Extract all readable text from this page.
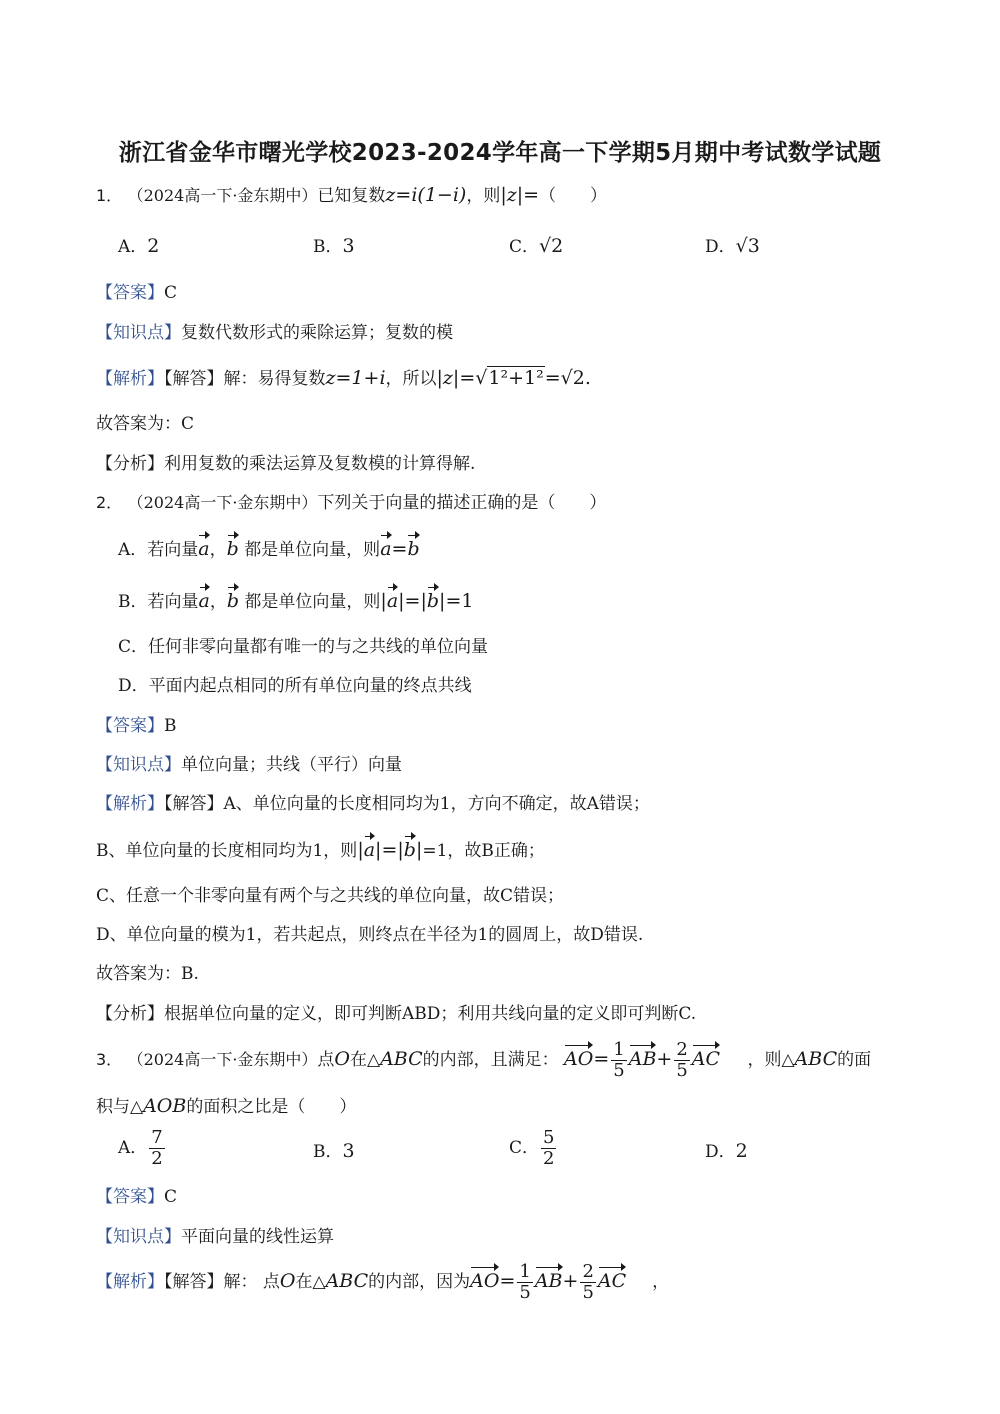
浙江省金华市曙光学校2023-2024学年高一下学期5月期中考试数学试题
1． （2024高一下·金东期中）已知复数z=i(1−i)，则|z|=（　　）
A．2	B．3	C．√2	D．√3
【答案】C
【知识点】复数代数形式的乘除运算；复数的模
【解析】【解答】解：易得复数z=1+i，所以|z|=√1²+1²=√2.
故答案为：C
【分析】利用复数的乘法运算及复数模的计算得解.
2． （2024高一下·金东期中）下列关于向量的描述正确的是（　　）
A．若向量a，b 都是单位向量，则a=b
B．若向量a，b 都是单位向量，则|a|=|b|=1
C．任何非零向量都有唯一的与之共线的单位向量
D．平面内起点相同的所有单位向量的终点共线
【答案】B
【知识点】单位向量；共线（平行）向量
【解析】【解答】A、单位向量的长度相同均为1，方向不确定，故A错误；
B、单位向量的长度相同均为1，则|a|=|b|=1，故B正确；
C、任意一个非零向量有两个与之共线的单位向量，故C错误；
D、单位向量的模为1，若共起点，则终点在半径为1的圆周上，故D错误.
故答案为：B.
【分析】根据单位向量的定义，即可判断ABD；利用共线向量的定义即可判断C.
3． （2024高一下·金东期中）点O在△ABC的内部，且满足： $AO= \frac{1}{5} AB+ \frac{2}{5}$ AC ，则△ABC的面
积与△AOB的面积之比是（　　）
A． $\frac{7}{2}$	B．3	C． $\frac{5}{2}$	D．2
【答案】C
【知识点】平面向量的线性运算
【解析】【解答】解： 点O在△ABC的内部，因为$AO= \frac{1}{5} AB+ \frac{2}{5}$ AC ，
